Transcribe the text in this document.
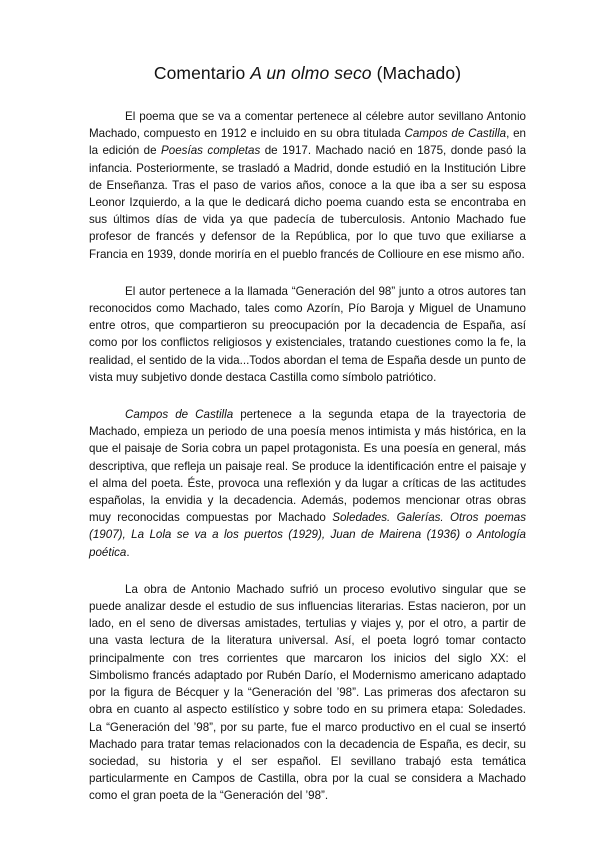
Comentario A un olmo seco (Machado)

El poema que se va a comentar pertenece al célebre autor sevillano Antonio Machado, compuesto en 1912 e incluido en su obra titulada Campos de Castilla, en la edición de Poesías completas de 1917. Machado nació en 1875, donde pasó la infancia. Posteriormente, se trasladó a Madrid, donde estudió en la Institución Libre de Enseñanza. Tras el paso de varios años, conoce a la que iba a ser su esposa Leonor Izquierdo, a la que le dedicará dicho poema cuando esta se encontraba en sus últimos días de vida ya que padecía de tuberculosis. Antonio Machado fue profesor de francés y defensor de la República, por lo que tuvo que exiliarse a Francia en 1939, donde moriría en el pueblo francés de Collioure en ese mismo año.

El autor pertenece a la llamada “Generación del 98” junto a otros autores tan reconocidos como Machado, tales como Azorín, Pío Baroja y Miguel de Unamuno entre otros, que compartieron su preocupación por la decadencia de España, así como por los conflictos religiosos y existenciales, tratando cuestiones como la fe, la realidad, el sentido de la vida...Todos abordan el tema de España desde un punto de vista muy subjetivo donde destaca Castilla como símbolo patriótico.

Campos de Castilla pertenece a la segunda etapa de la trayectoria de Machado, empieza un periodo de una poesía menos intimista y más histórica, en la que el paisaje de Soria cobra un papel protagonista. Es una poesía en general, más descriptiva, que refleja un paisaje real. Se produce la identificación entre el paisaje y el alma del poeta. Éste, provoca una reflexión y da lugar a críticas de las actitudes españolas, la envidia y la decadencia. Además, podemos mencionar otras obras muy reconocidas compuestas por Machado Soledades. Galerías. Otros poemas (1907), La Lola se va a los puertos (1929), Juan de Mairena (1936) o Antología poética.

La obra de Antonio Machado sufrió un proceso evolutivo singular que se puede analizar desde el estudio de sus influencias literarias. Estas nacieron, por un lado, en el seno de diversas amistades, tertulias y viajes y, por el otro, a partir de una vasta lectura de la literatura universal. Así, el poeta logró tomar contacto principalmente con tres corrientes que marcaron los inicios del siglo XX: el Simbolismo francés adaptado por Rubén Darío, el Modernismo americano adaptado por la figura de Bécquer y la “Generación del ’98”. Las primeras dos afectaron su obra en cuanto al aspecto estilístico y sobre todo en su primera etapa: Soledades. La “Generación del ’98”, por su parte, fue el marco productivo en el cual se insertó Machado para tratar temas relacionados con la decadencia de España, es decir, su sociedad, su historia y el ser español. El sevillano trabajó esta temática particularmente en Campos de Castilla, obra por la cual se considera a Machado como el gran poeta de la “Generación del ’98”.
